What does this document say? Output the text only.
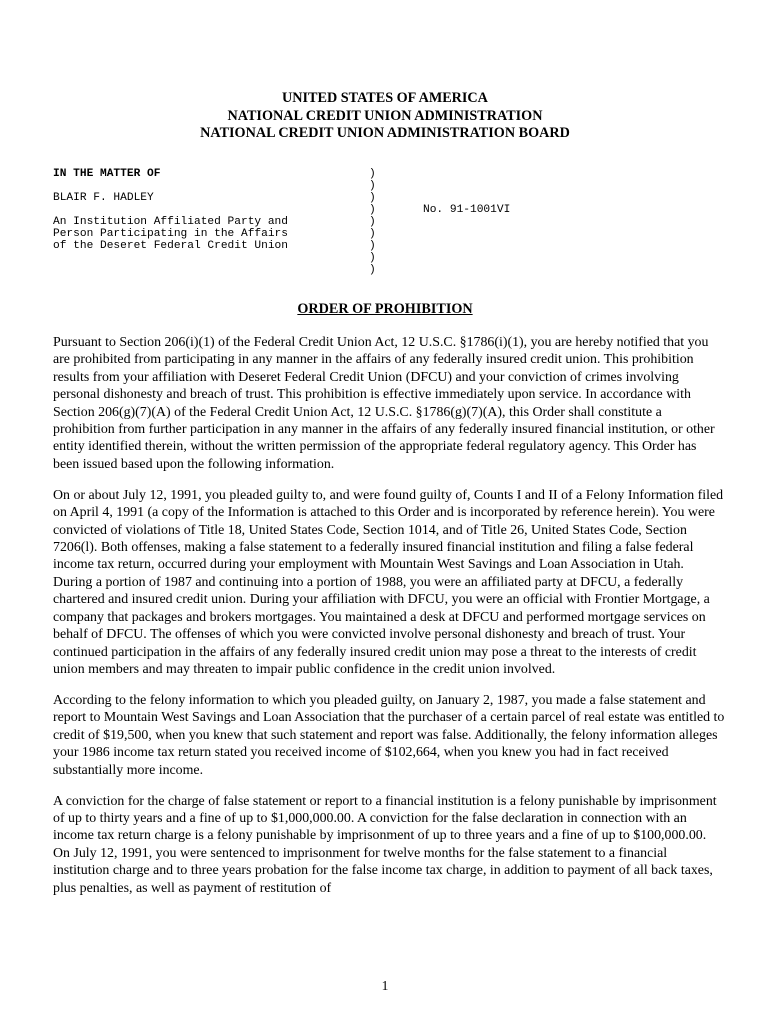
UNITED STATES OF AMERICA
NATIONAL CREDIT UNION ADMINISTRATION
NATIONAL CREDIT UNION ADMINISTRATION BOARD
IN THE MATTER OF

BLAIR F. HADLEY

An Institution Affiliated Party and
Person Participating in the Affairs
of the Deseret Federal Credit Union
)
)
)
)
)
)
)
)
)
No. 91-1001VI
ORDER OF PROHIBITION

Pursuant to Section 206(i)(1) of the Federal Credit Union Act, 12 U.S.C. §1786(i)(1), you are hereby notified that you are prohibited from participating in any manner in the affairs of any federally insured credit union. This prohibition results from your affiliation with Deseret Federal Credit Union (DFCU) and your conviction of crimes involving personal dishonesty and breach of trust. This prohibition is effective immediately upon service. In accordance with Section 206(g)(7)(A) of the Federal Credit Union Act, 12 U.S.C. §1786(g)(7)(A), this Order shall constitute a prohibition from further participation in any manner in the affairs of any federally insured financial institution, or other entity identified therein, without the written permission of the appropriate federal regulatory agency. This Order has been issued based upon the following information.

On or about July 12, 1991, you pleaded guilty to, and were found guilty of, Counts I and II of a Felony Information filed on April 4, 1991 (a copy of the Information is attached to this Order and is incorporated by reference herein). You were convicted of violations of Title 18, United States Code, Section 1014, and of Title 26, United States Code, Section 7206(l). Both offenses, making a false statement to a federally insured financial institution and filing a false federal income tax return, occurred during your employment with Mountain West Savings and Loan Association in Utah. During a portion of 1987 and continuing into a portion of 1988, you were an affiliated party at DFCU, a federally chartered and insured credit union. During your affiliation with DFCU, you were an official with Frontier Mortgage, a company that packages and brokers mortgages. You maintained a desk at DFCU and performed mortgage services on behalf of DFCU. The offenses of which you were convicted involve personal dishonesty and breach of trust. Your continued participation in the affairs of any federally insured credit union may pose a threat to the interests of credit union members and may threaten to impair public confidence in the credit union involved.

According to the felony information to which you pleaded guilty, on January 2, 1987, you made a false statement and report to Mountain West Savings and Loan Association that the purchaser of a certain parcel of real estate was entitled to credit of $19,500, when you knew that such statement and report was false. Additionally, the felony information alleges your 1986 income tax return stated you received income of $102,664, when you knew you had in fact received substantially more income.

A conviction for the charge of false statement or report to a financial institution is a felony punishable by imprisonment of up to thirty years and a fine of up to $1,000,000.00. A conviction for the false declaration in connection with an income tax return charge is a felony punishable by imprisonment of up to three years and a fine of up to $100,000.00. On July 12, 1991, you were sentenced to imprisonment for twelve months for the false statement to a financial institution charge and to three years probation for the false income tax charge, in addition to payment of all back taxes, plus penalties, as well as payment of restitution of

1
